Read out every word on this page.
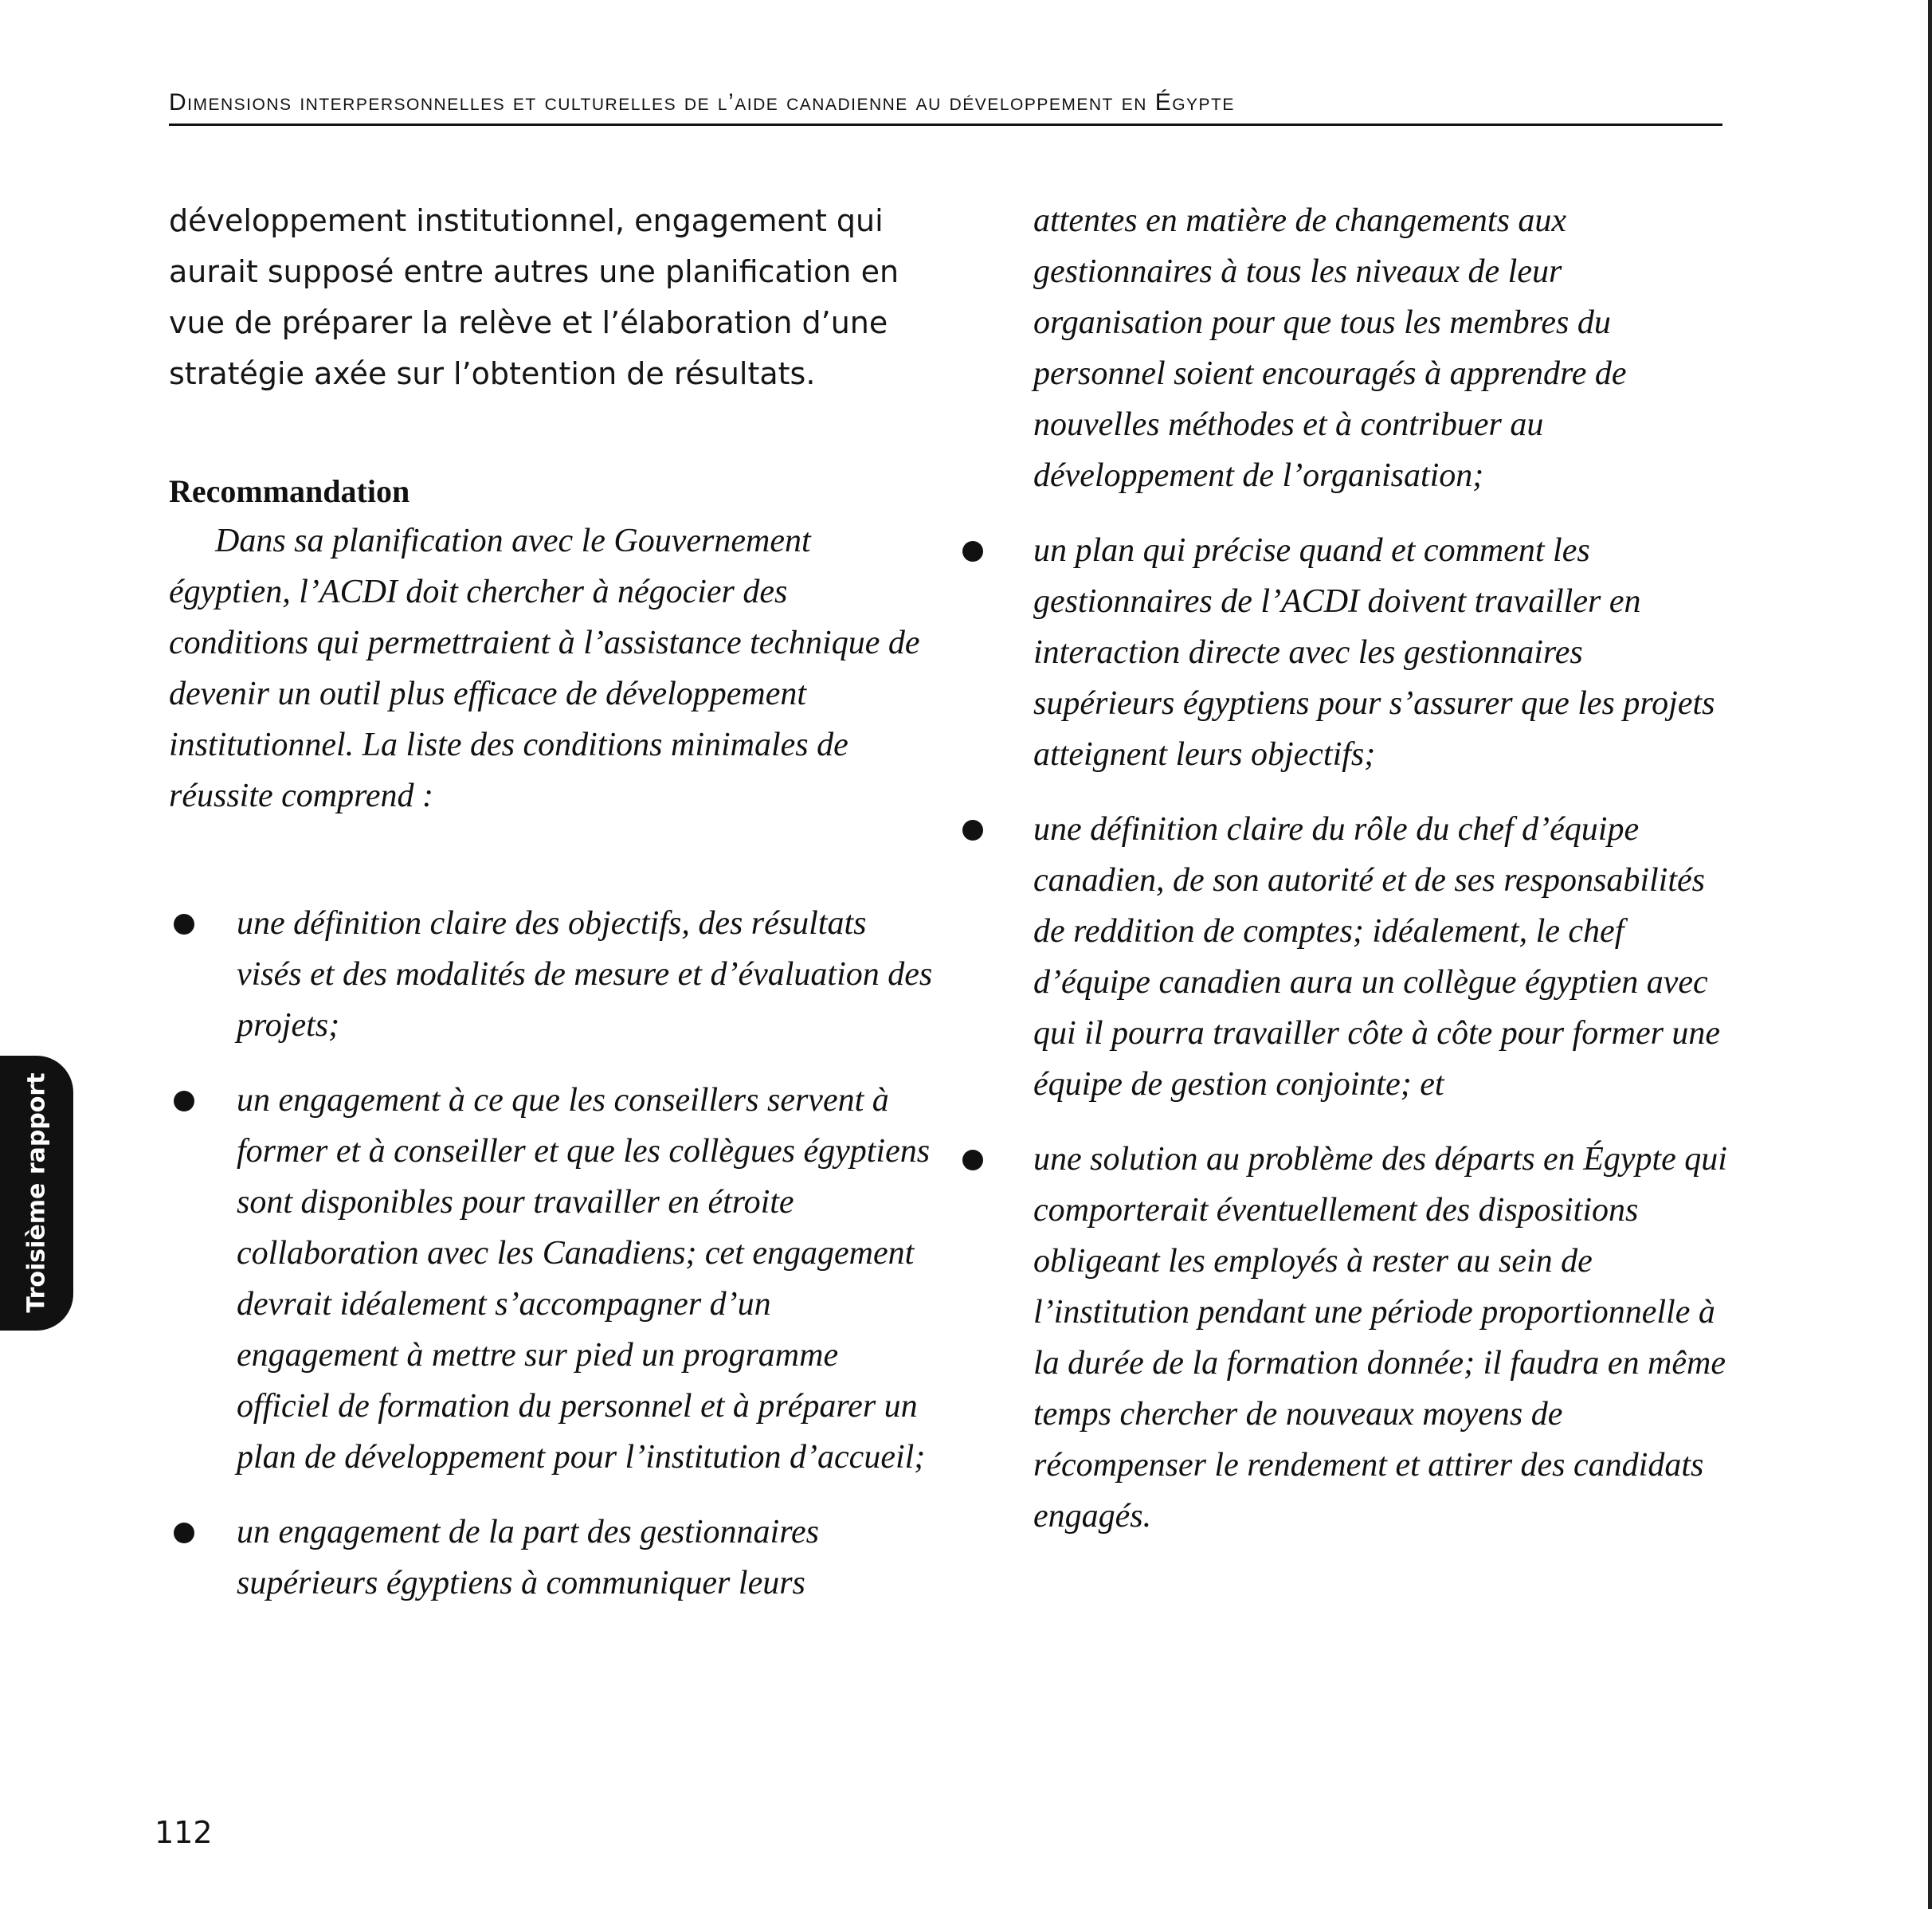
Dimensions interpersonnelles et culturelles de l’aide canadienne au développement en Égypte

développement institutionnel, engagement qui aurait supposé entre autres une planification en vue de préparer la relève et l’élaboration d’une stratégie axée sur l’obtention de résultats.

Recommandation

Dans sa planification avec le Gouvernement égyptien, l’ACDI doit chercher à négocier des conditions qui permettraient à l’assistance technique de devenir un outil plus efficace de développement institutionnel. La liste des conditions minimales de réussite comprend :

une définition claire des objectifs, des résultats visés et des modalités de mesure et d’évaluation des projets;
un engagement à ce que les conseillers servent à former et à conseiller et que les collègues égyptiens sont disponibles pour travailler en étroite collaboration avec les Canadiens; cet engagement devrait idéalement s’accompagner d’un engagement à mettre sur pied un programme officiel de formation du personnel et à préparer un plan de développement pour l’institution d’accueil;
un engagement de la part des gestionnaires supérieurs égyptiens à communiquer leurs

attentes en matière de changements aux gestionnaires à tous les niveaux de leur organisation pour que tous les membres du personnel soient encouragés à apprendre de nouvelles méthodes et à contribuer au développement de l’organisation;

un plan qui précise quand et comment les gestionnaires de l’ACDI doivent travailler en interaction directe avec les gestionnaires supérieurs égyptiens pour s’assurer que les projets atteignent leurs objectifs;
une définition claire du rôle du chef d’équipe canadien, de son autorité et de ses responsabilités de reddition de comptes; idéalement, le chef d’équipe canadien aura un collègue égyptien avec qui il pourra travailler côte à côte pour former une équipe de gestion conjointe; et
une solution au problème des départs en Égypte qui comporterait éventuellement des dispositions obligeant les employés à rester au sein de l’institution pendant une période proportionnelle à la durée de la formation donnée; il faudra en même temps chercher de nouveaux moyens de récompenser le rendement et attirer des candidats engagés.
Troisième rapport
112
